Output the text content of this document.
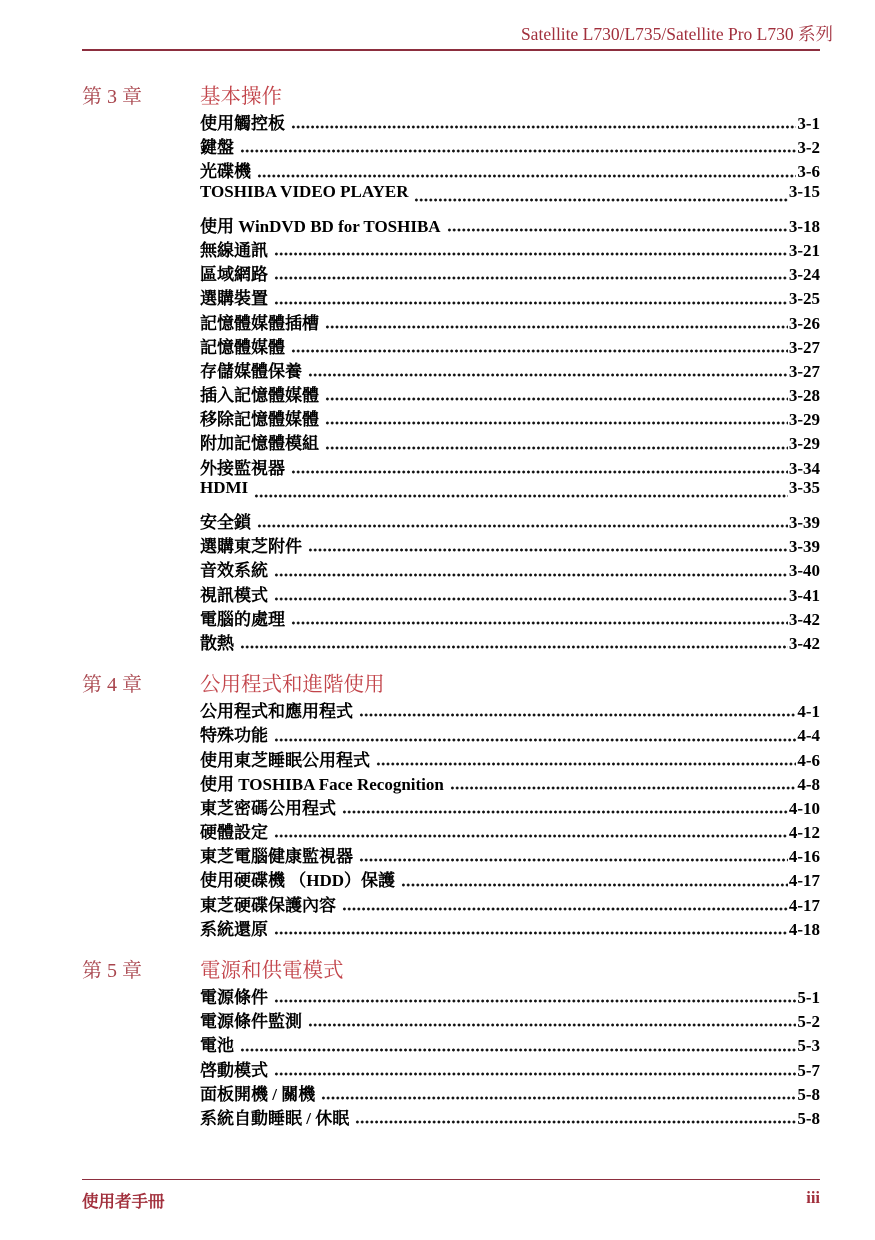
Satellite L730/L735/Satellite Pro L730 系列
第 3 章	基本操作
使用觸控板	3-1
鍵盤	3-2
光碟機	3-6
TOSHIBA VIDEO PLAYER	3-15
使用 WinDVD BD for TOSHIBA	3-18
無線通訊	3-21
區域網路	3-24
選購裝置	3-25
記憶體媒體插槽	3-26
記憶體媒體	3-27
存儲媒體保養	3-27
插入記憶體媒體	3-28
移除記憶體媒體	3-29
附加記憶體模組	3-29
外接監視器	3-34
HDMI	3-35
安全鎖	3-39
選購東芝附件	3-39
音效系統	3-40
視訊模式	3-41
電腦的處理	3-42
散熱	3-42
第 4 章	公用程式和進階使用
公用程式和應用程式	4-1
特殊功能	4-4
使用東芝睡眠公用程式	4-6
使用 TOSHIBA Face Recognition	4-8
東芝密碼公用程式	4-10
硬體設定	4-12
東芝電腦健康監視器	4-16
使用硬碟機 （HDD）保護	4-17
東芝硬碟保護內容	4-17
系統還原	4-18
第 5 章	電源和供電模式
電源條件	5-1
電源條件監測	5-2
電池	5-3
啓動模式	5-7
面板開機 / 關機	5-8
系統自動睡眠 / 休眠	5-8
使用者手冊	iii
